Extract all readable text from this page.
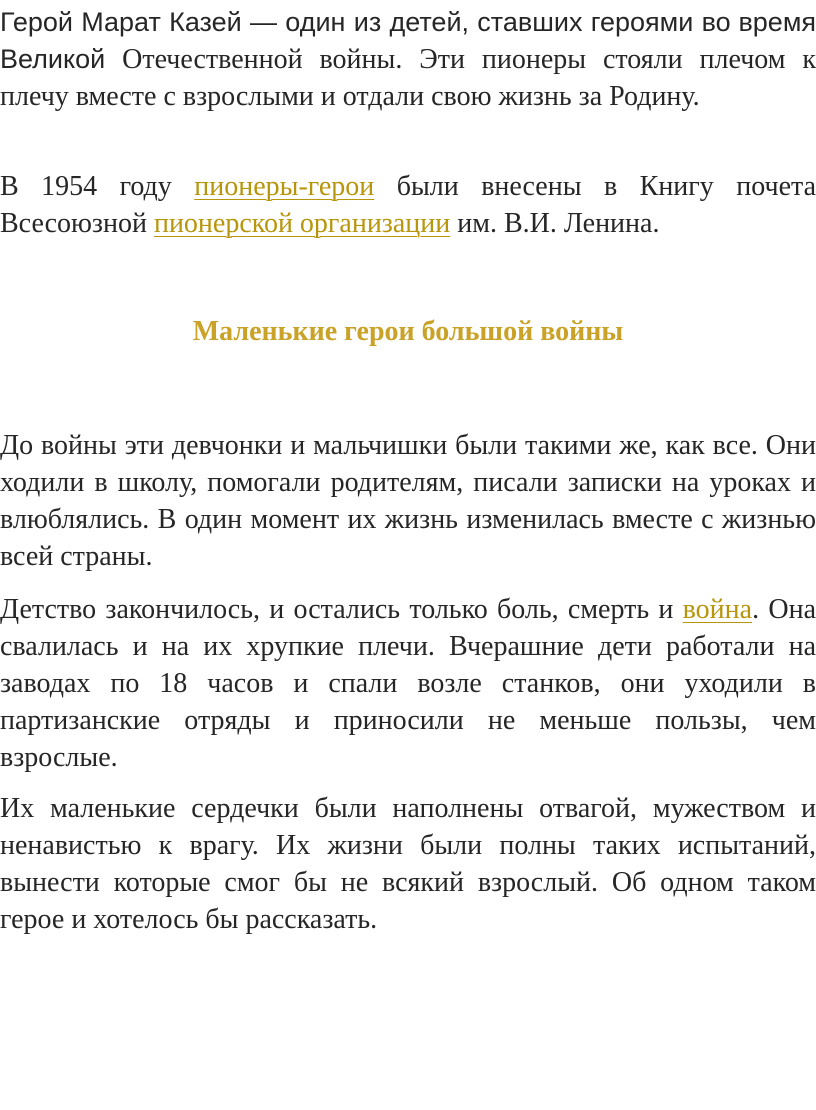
Герой Марат Казей — один из детей, ставших героями во время Великой Отечественной войны. Эти пионеры стояли плечом к плечу вместе с взрослыми и отдали свою жизнь за Родину.

В 1954 году пионеры-герои были внесены в Книгу почета Всесоюзной пионерской организации им. В.И. Ленина.

Маленькие герои большой войны

До войны эти девчонки и мальчишки были такими же, как все. Они ходили в школу, помогали родителям, писали записки на уроках и влюблялись. В один момент их жизнь изменилась вместе с жизнью всей страны.

Детство закончилось, и остались только боль, смерть и война. Она свалилась и на их хрупкие плечи. Вчерашние дети работали на заводах по 18 часов и спали возле станков, они уходили в партизанские отряды и приносили не меньше пользы, чем взрослые.

Их маленькие сердечки были наполнены отвагой, мужеством и ненавистью к врагу. Их жизни были полны таких испытаний, вынести которые смог бы не всякий взрослый. Об одном таком герое и хотелось бы рассказать.
